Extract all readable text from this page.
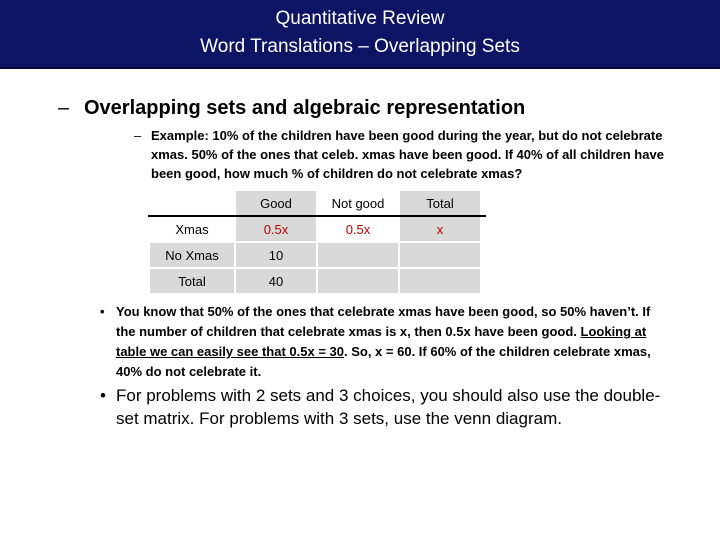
Quantitative Review
Word Translations – Overlapping Sets
– Overlapping sets and algebraic representation
– Example: 10% of the children have been good during the year, but do not celebrate xmas. 50% of the ones that celeb. xmas have been good. If 40% of all children have been good, how much % of children do not celebrate xmas?
	Good	Not good	Total
Xmas	0.5x	0.5x	x
No Xmas	10		
Total	40		
• You know that 50% of the ones that celebrate xmas have been good, so 50% haven’t. If the number of children that celebrate xmas is x, then 0.5x have been good. Looking at table we can easily see that 0.5x = 30. So, x = 60. If 60% of the children celebrate xmas, 40% do not celebrate it.
• For problems with 2 sets and 3 choices, you should also use the double-set matrix. For problems with 3 sets, use the venn diagram.
